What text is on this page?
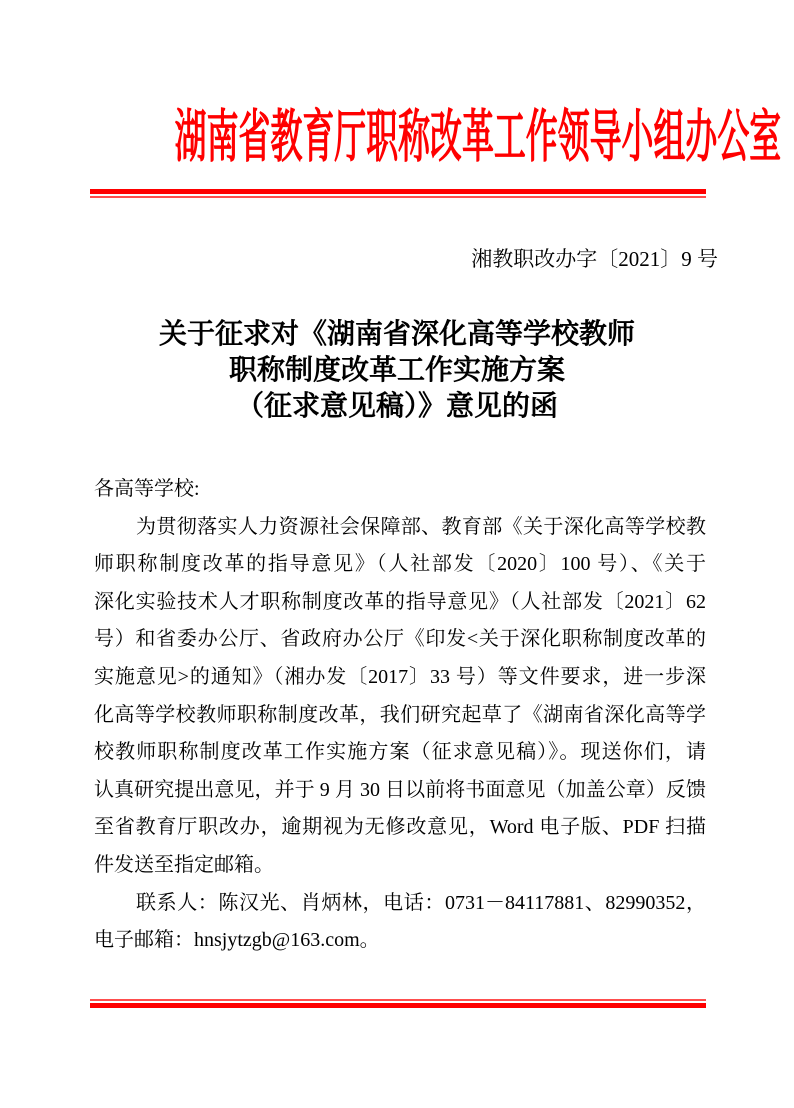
湖南省教育厅职称改革工作领导小组办公室
湘教职改办字〔2021〕9 号
关于征求对《湖南省深化高等学校教师
职称制度改革工作实施方案
（征求意见稿）》意见的函
各高等学校:
为贯彻落实人力资源社会保障部、教育部《关于深化高等学校教
师职称制度改革的指导意见》（人社部发〔2020〕100 号）、《关于
深化实验技术人才职称制度改革的指导意见》（人社部发〔2021〕62
号）和省委办公厅、省政府办公厅《印发<关于深化职称制度改革的
实施意见>的通知》（湘办发〔2017〕33 号）等文件要求，进一步深
化高等学校教师职称制度改革，我们研究起草了《湖南省深化高等学
校教师职称制度改革工作实施方案（征求意见稿）》。现送你们，请
认真研究提出意见，并于 9 月 30 日以前将书面意见（加盖公章）反馈
至省教育厅职改办，逾期视为无修改意见，Word 电子版、PDF 扫描
件发送至指定邮箱。
联系人：陈汉光、肖炳林，电话：0731－84117881、82990352，
电子邮箱：hnsjytzgb@163.com。
